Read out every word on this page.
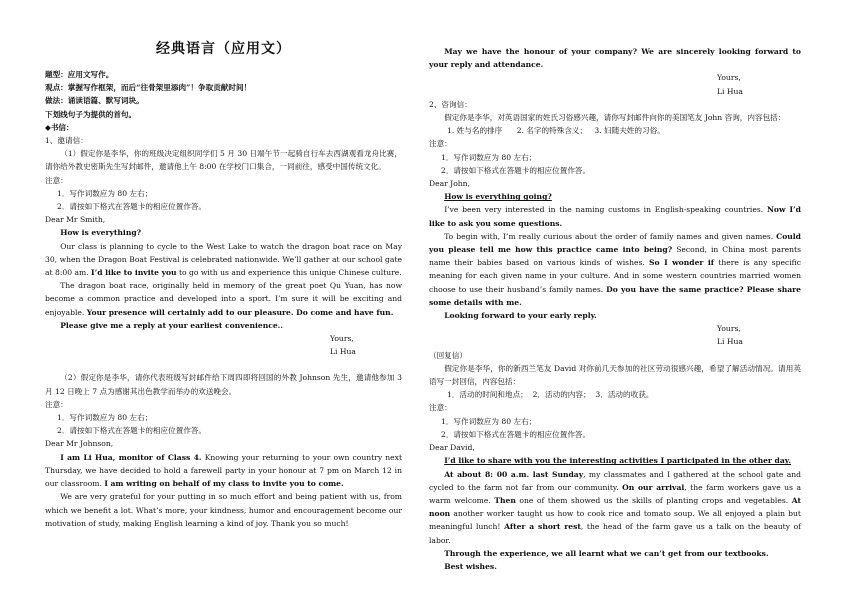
经典语言（应用文）

题型：应用文写作。

观点：掌握写作框架，而后“往骨架里添肉”！争取贡献时间！

做法：诵读语篇、默写词块。

下划线句子为提供的首句。

◆书信：

1、邀请信：

（1）假定你是李华，你的班级决定组织同学们 5 月 30 日端午节一起骑自行车去西湖观看龙舟比赛，请你给外教史密斯先生写封邮件，邀请他上午 8:00 在学校门口集合，一同前往，感受中国传统文化。

注意：

1．写作词数应为 80 左右；

2．请按如下格式在答题卡的相应位置作答。

Dear Mr Smith,

How is everything?

Our class is planning to cycle to the West Lake to watch the dragon boat race on May 30, when the Dragon Boat Festival is celebrated nationwide. We’ll gather at our school gate at 8:00 am. I’d like to invite you to go with us and experience this unique Chinese culture.

The dragon boat race, originally held in memory of the great poet Qu Yuan, has now become a common practice and developed into a sport. I’m sure it will be exciting and enjoyable. Your presence will certainly add to our pleasure. Do come and have fun.

Please give me a reply at your earliest convenience..

Yours,

Li Hua

（2）假定你是李华，请你代表班级写封邮件给下周四即将回国的外教 Johnson 先生，邀请他参加 3 月 12 日晚上 7 点为感谢其出色教学而举办的欢送晚会。

注意：

1．写作词数应为 80 左右；

2．请按如下格式在答题卡的相应位置作答。

Dear Mr Johnson,

I am Li Hua, monitor of Class 4. Knowing your returning to your own country next Thursday, we have decided to hold a farewell party in your honour at 7 pm on March 12 in our classroom. I am writing on behalf of my class to invite you to come.

We are very grateful for your putting in so much effort and being patient with us, from which we benefit a lot. What’s more, your kindness, humor and encouragement become our motivation of study, making English learning a kind of joy. Thank you so much!

May we have the honour of your company? We are sincerely looking forward to your reply and attendance.

Yours,

Li Hua

2、咨询信：

假定你是李华，对英语国家的姓氏习俗感兴趣，请你写封邮件向你的美国笔友 John 咨询，内容包括：

1. 姓与名的排序      2. 名字的特殊含义；   3. 妇随夫姓的习俗。

注意：

1．写作词数应为 80 左右；

2．请按如下格式在答题卡的相应位置作答。

Dear John,

How is everything going?

I’ve been very interested in the naming customs in English-speaking countries. Now I’d like to ask you some questions.

To begin with, I’m really curious about the order of family names and given names. Could you please tell me how this practice came into being? Second, in China most parents name their babies based on various kinds of wishes. So I wonder if there is any specific meaning for each given name in your culture. And in some western countries married women choose to use their husband’s family names. Do you have the same practice? Please share some details with me.

Looking forward to your early reply.

Yours,

Li Hua

（回复信）

假定你是李华，你的新西兰笔友 David 对你前几天参加的社区劳动很感兴趣，希望了解活动情况。请用英语写一封回信，内容包括：

1．活动的时间和地点；  2．活动的内容；  3．活动的收获。

注意：

1．写作词数应为 80 左右；

2．请按如下格式在答题卡的相应位置作答。

Dear David,

I’d like to share with you the interesting activities I participated in the other day.

At about 8: 00 a.m. last Sunday, my classmates and I gathered at the school gate and cycled to the farm not far from our community. On our arrival, the farm workers gave us a warm welcome. Then one of them showed us the skills of planting crops and vegetables. At noon another worker taught us how to cook rice and tomato soup. We all enjoyed a plain but meaningful lunch! After a short rest, the head of the farm gave us a talk on the beauty of labor.

Through the experience, we all learnt what we can’t get from our textbooks.

Best wishes.
